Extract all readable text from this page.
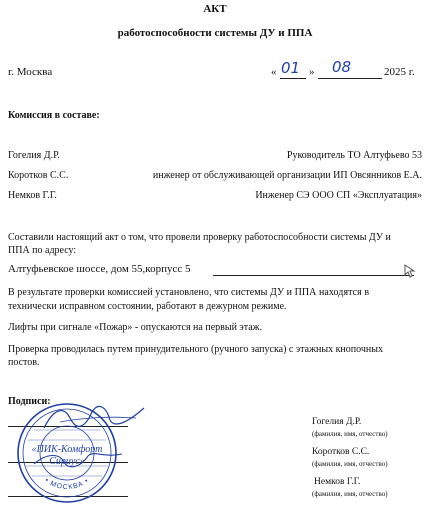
АКТ
работоспособности системы ДУ и ППА
г. Москва	« 01 » 08	2025 г.
Комиссия в составе:
Гогелия Д.Р.	Руководитель ТО Алтуфьево 53
Коротков С.С.	инженер от обслуживающей организации ИП Овсянников Е.А.
Немков Г.Г.	Инженер СЭ ООО СП «Эксплуатация»
Составили настоящий акт о том, что провели проверку работоспособности системы ДУ и
ППА по адресу:
Алтуфьевское шоссе, дом 55,корпусс 5
В результате проверки комиссией установлено, что системы ДУ и ППА находятся в
технически исправном состоянии, работают в дежурном режиме.
Лифты при сигнале «Пожар» - опускаются на первый этаж.
Проверка проводилась путем принудительного (ручного запуска) с этажных кнопочных
постов.
Подписи:
• МОСКВА •
«ПИК-Комфорт
Сириус»
Гогелия Д.Р.
(фамилия, имя, отчество)
Коротков С.С.
(фамилия, имя, отчество)
Немков Г.Г.
(фамилия, имя, отчество)
